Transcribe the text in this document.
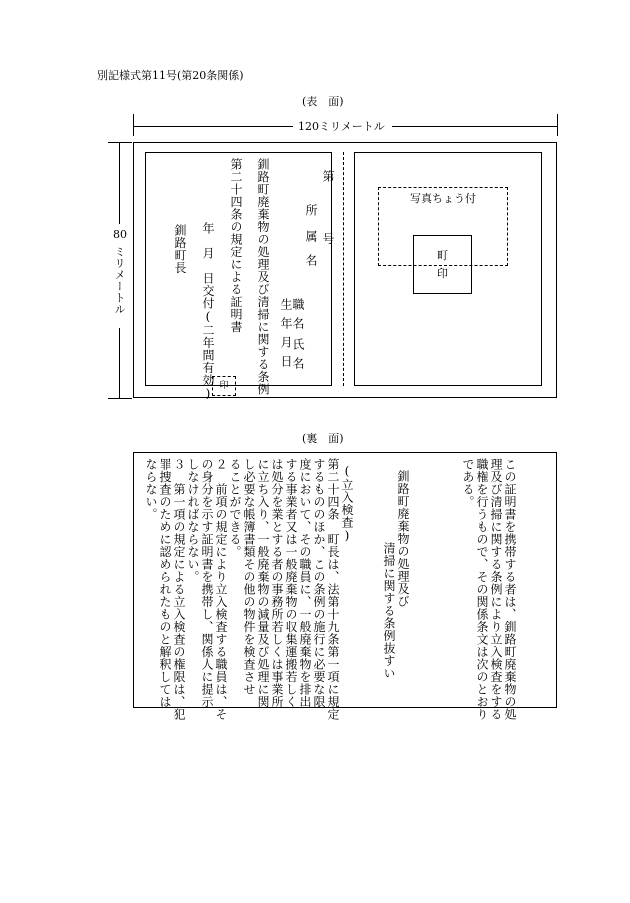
別記様式第11号(第20条関係)
(表　面)
120ミリメートル
80
ミリメートル
第　　　　号
所属
名
釧路町廃棄物の処理及び清掃に関する条例
第二十四条の規定による証明書	職名
氏名
生年月日
年　月　日交付(二年間有効)
釧路町長
印
写真ちょう付
町
印
(裏　面)
この証明書を携帯する者は、釧路町廃棄物の処
理及び清掃に関する条例により立入検査をする
職権を行うもので、その関係条文は次のとおり
である。
釧路町廃棄物の処理及び
清掃に関する条例抜すい
(立入検査)
第二十四条　町長は、法第十九条第一項に規定
するもののほか、この条例の施行に必要な限
度において、その職員に、一般廃棄物を排出
する事業者又は一般廃棄物の収集運搬若しく
は処分を業とする者の事務所若しくは事業所
に立ち入り、一般廃棄物の減量及び処理に関
し必要な帳簿書類その他の物件を検査させ
ることができる。
２　前項の規定により立入検査する職員は、そ
の身分を示す証明書を携帯し、関係人に提示
しなければならない。
３　第一項の規定による立入検査の権限は、犯
罪捜査のために認められたものと解釈しては
ならない。
